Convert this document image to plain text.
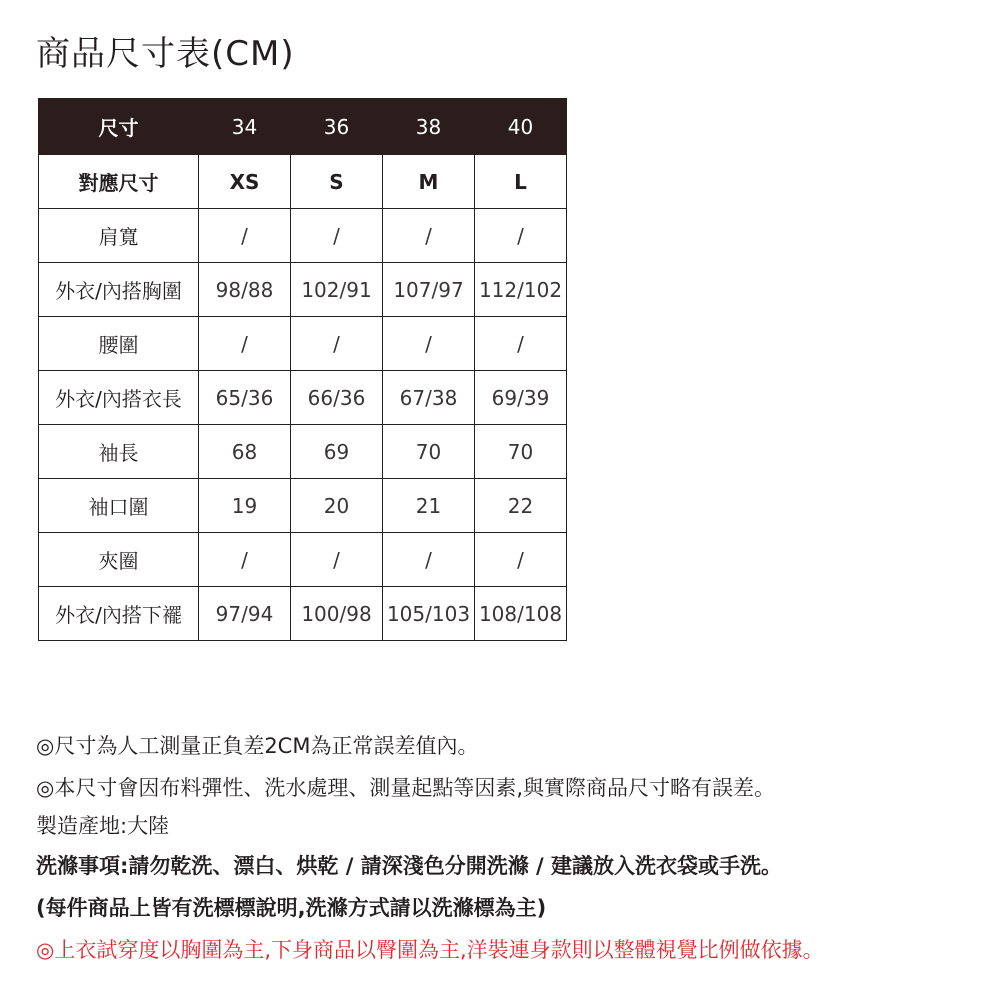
商品尺寸表(CM)
尺寸	34	36	38	40
對應尺寸	XS	S	M	L
肩寬	/	/	/	/
外衣/內搭胸圍	98/88	102/91	107/97	112/102
腰圍	/	/	/	/
外衣/內搭衣長	65/36	66/36	67/38	69/39
袖長	68	69	70	70
袖口圍	19	20	21	22
夾圈	/	/	/	/
外衣/內搭下襬	97/94	100/98	105/103	108/108

◎尺寸為人工測量正負差2CM為正常誤差值內。

◎本尺寸會因布料彈性、洗水處理、測量起點等因素,與實際商品尺寸略有誤差。

製造產地:大陸

洗滌事項:請勿乾洗、漂白、烘乾 / 請深淺色分開洗滌 / 建議放入洗衣袋或手洗。

(每件商品上皆有洗標標說明,洗滌方式請以洗滌標為主)

◎上衣試穿度以胸圍為主,下身商品以臀圍為主,洋裝連身款則以整體視覺比例做依據。
